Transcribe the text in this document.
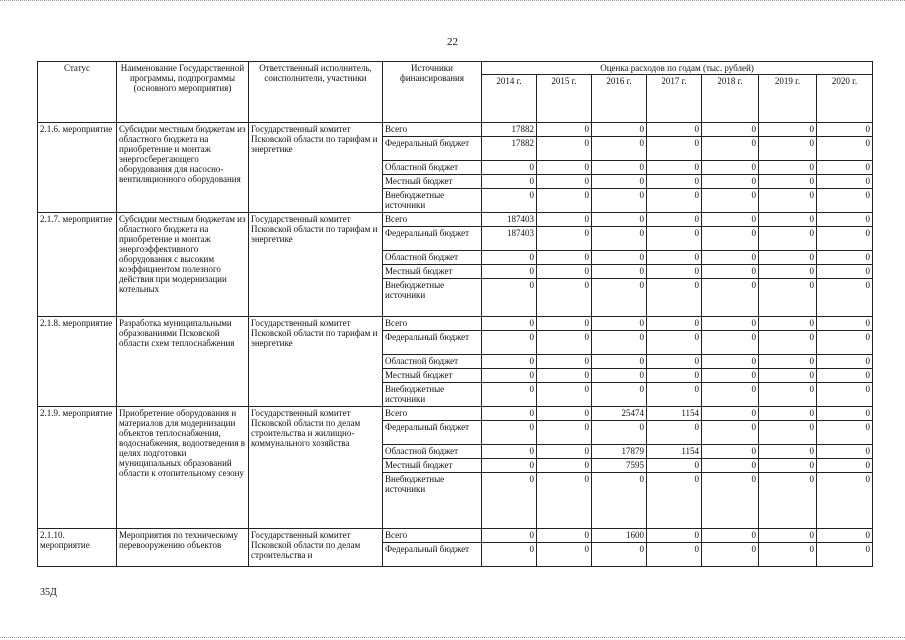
22
Статус	Наименование Государственной программы, подпрограммы (основного мероприятия)	Ответственный исполнитель, соисполнители, участники	Источники финансирования	Оценка расходов по годам (тыс. рублей)						
				2014 г.	2015 г.	2016 г.	2017 г.	2018 г.	2019 г.	2020 г.
2.1.6. мероприятие	Субсидии местным бюджетам из областного бюджета на приобретение и монтаж энергосберегающего оборудования для насосно-вентиляционного оборудования	Государственный комитет Псковской области по тарифам и энергетике	Всего	17882	0	0	0	0	0	0
			Федеральный бюджет	17882	0	0	0	0	0	0
			Областной бюджет	0	0	0	0	0	0	0
			Местный бюджет	0	0	0	0	0	0	0
			Внебюджетные источники	0	0	0	0	0	0	0
2.1.7. мероприятие	Субсидии местным бюджетам из областного бюджета на приобретение и монтаж энергоэффективного оборудования с высоким коэффициентом полезного действия при модернизации котельных	Государственный комитет Псковской области по тарифам и энергетике	Всего	187403	0	0	0	0	0	0
			Федеральный бюджет	187403	0	0	0	0	0	0
			Областной бюджет	0	0	0	0	0	0	0
			Местный бюджет	0	0	0	0	0	0	0
			Внебюджетные источники	0	0	0	0	0	0	0
2.1.8. мероприятие	Разработка муниципальными образованиями Псковской области схем теплоснабжения	Государственный комитет Псковской области по тарифам и энергетике	Всего	0	0	0	0	0	0	0
			Федеральный бюджет	0	0	0	0	0	0	0
			Областной бюджет	0	0	0	0	0	0	0
			Местный бюджет	0	0	0	0	0	0	0
			Внебюджетные источники	0	0	0	0	0	0	0
2.1.9. мероприятие	Приобретение оборудования и материалов для модернизации объектов теплоснабжения, водоснабжения, водоотведения в целях подготовки муниципальных образований области к отопительному сезону	Государственный комитет Псковской области по делам строительства и жилищно-коммунального хозяйства	Всего	0	0	25474	1154	0	0	0
			Федеральный бюджет	0	0	0	0	0	0	0
			Областной бюджет	0	0	17879	1154	0	0	0
			Местный бюджет	0	0	7595	0	0	0	0
			Внебюджетные источники	0	0	0	0	0	0	0
2.1.10. мероприятие	Мероприятия по техническому перевооружению объектов	Государственный комитет Псковской области по делам строительства и	Всего	0	0	1600	0	0	0	0
			Федеральный бюджет	0	0	0	0	0	0	0
35Д
